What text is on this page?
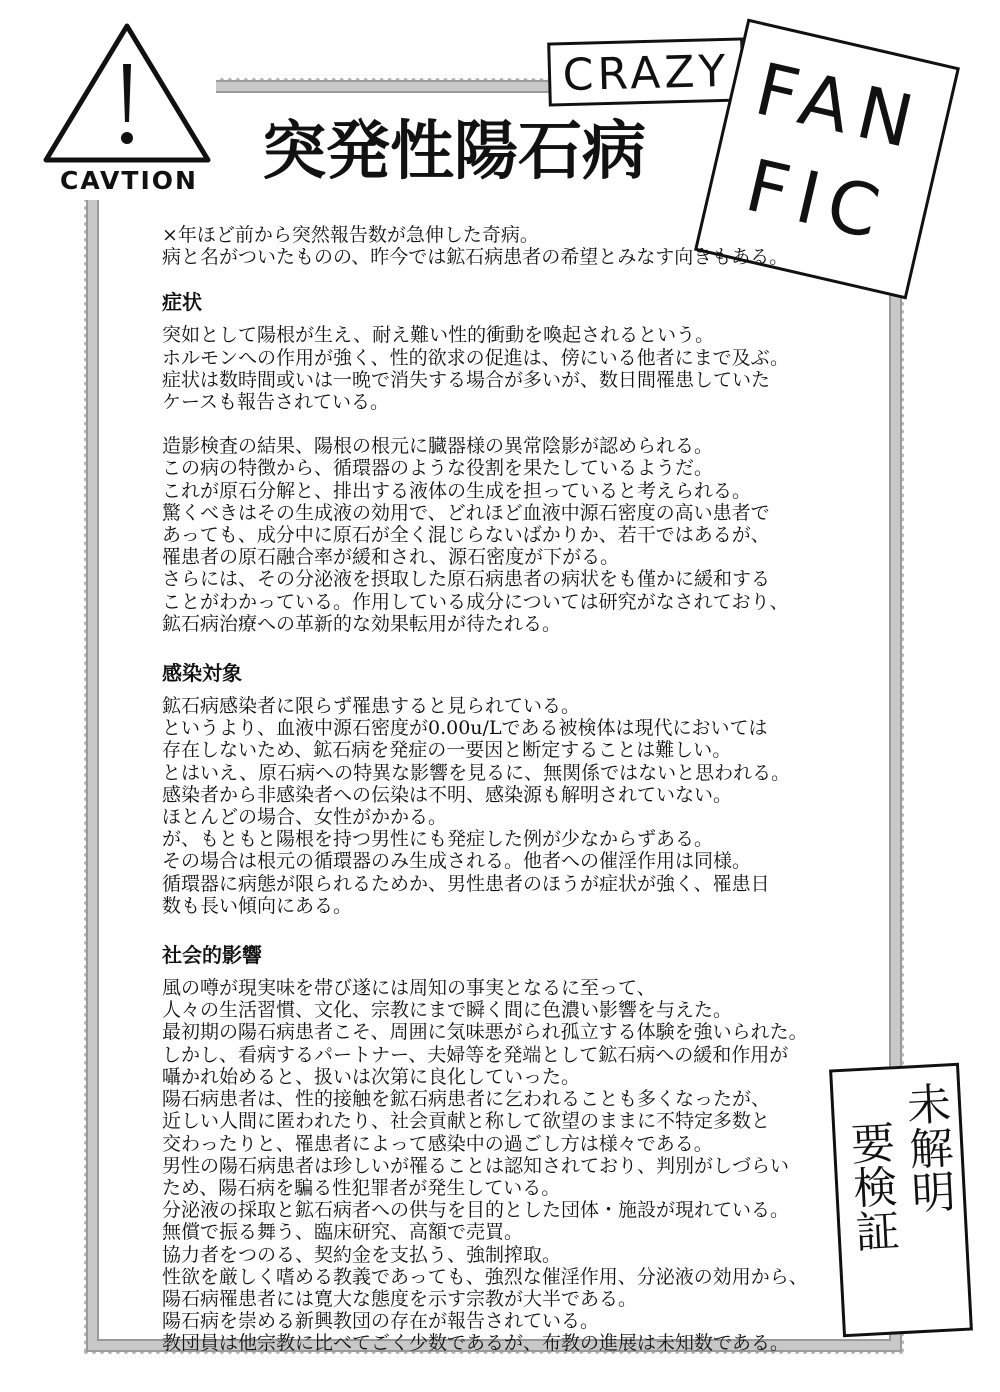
CAVTION
CRAZY FAN
FIC
突発性陽石病

×年ほど前から突然報告数が急伸した奇病。

病と名がついたものの、昨今では鉱石病患者の希望とみなす向きもある。

症状

突如として陽根が生え、耐え難い性的衝動を喚起されるという。

ホルモンへの作用が強く、性的欲求の促進は、傍にいる他者にまで及ぶ。

症状は数時間或いは一晩で消失する場合が多いが、数日間罹患していた

ケースも報告されている。

造影検査の結果、陽根の根元に臓器様の異常陰影が認められる。

この病の特徴から、循環器のような役割を果たしているようだ。

これが原石分解と、排出する液体の生成を担っていると考えられる。

驚くべきはその生成液の効用で、どれほど血液中源石密度の高い患者で

あっても、成分中に原石が全く混じらないばかりか、若干ではあるが、

罹患者の原石融合率が緩和され、源石密度が下がる。

さらには、その分泌液を摂取した原石病患者の病状をも僅かに緩和する

ことがわかっている。作用している成分については研究がなされており、

鉱石病治療への革新的な効果転用が待たれる。

感染対象

鉱石病感染者に限らず罹患すると見られている。

というより、血液中源石密度が0.00u/Lである被検体は現代においては

存在しないため、鉱石病を発症の一要因と断定することは難しい。

とはいえ、原石病への特異な影響を見るに、無関係ではないと思われる。

感染者から非感染者への伝染は不明、感染源も解明されていない。

ほとんどの場合、女性がかかる。

が、もともと陽根を持つ男性にも発症した例が少なからずある。

その場合は根元の循環器のみ生成される。他者への催淫作用は同様。

循環器に病態が限られるためか、男性患者のほうが症状が強く、罹患日

数も長い傾向にある。

社会的影響

風の噂が現実味を帯び遂には周知の事実となるに至って、

人々の生活習慣、文化、宗教にまで瞬く間に色濃い影響を与えた。

最初期の陽石病患者こそ、周囲に気味悪がられ孤立する体験を強いられた。

しかし、看病するパートナー、夫婦等を発端として鉱石病への緩和作用が

囁かれ始めると、扱いは次第に良化していった。

陽石病患者は、性的接触を鉱石病患者に乞われることも多くなったが、

近しい人間に匿われたり、社会貢献と称して欲望のままに不特定多数と

交わったりと、罹患者によって感染中の過ごし方は様々である。

男性の陽石病患者は珍しいが罹ることは認知されており、判別がしづらい

ため、陽石病を騙る性犯罪者が発生している。

分泌液の採取と鉱石病者への供与を目的とした団体・施設が現れている。

無償で振る舞う、臨床研究、高額で売買。

協力者をつのる、契約金を支払う、強制搾取。

性欲を厳しく嗜める教義であっても、強烈な催淫作用、分泌液の効用から、

陽石病罹患者には寛大な態度を示す宗教が大半である。

陽石病を崇める新興教団の存在が報告されている。

教団員は他宗教に比べてごく少数であるが、布教の進展は未知数である。

未解明
要検証
